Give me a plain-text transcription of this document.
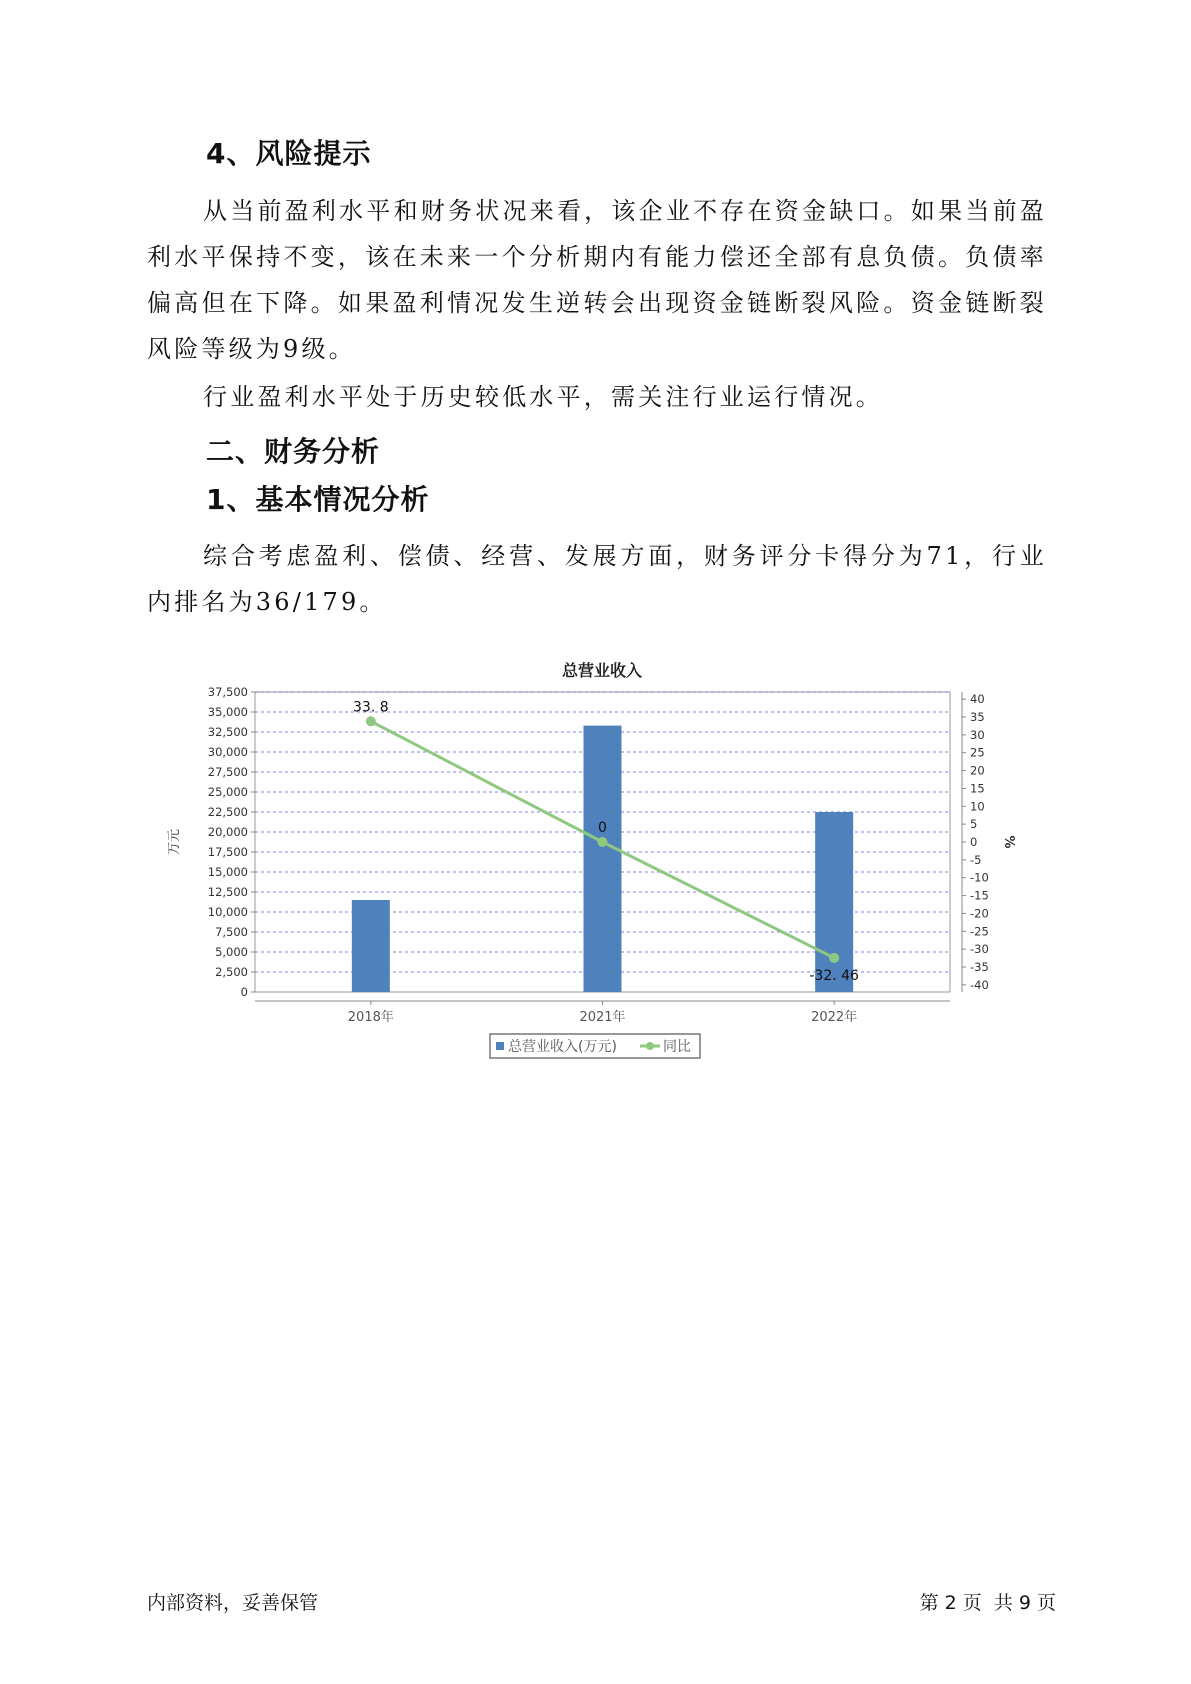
4、风险提示

从当前盈利水平和财务状况来看，该企业不存在资金缺口。如果当前盈利水平保持不变，该在未来一个分析期内有能力偿还全部有息负债。负债率偏高但在下降。如果盈利情况发生逆转会出现资金链断裂风险。资金链断裂风险等级为9级。

行业盈利水平处于历史较低水平，需关注行业运行情况。

二、财务分析
1、基本情况分析

综合考虑盈利、偿债、经营、发展方面，财务评分卡得分为71，行业内排名为36/179。

总营业收入
0
2,500
5,000
7,500
10,000
12,500
15,000
17,500
20,000
22,500
25,000
27,500
30,000
32,500
35,000
37,500
40
35
30
25
20
15
10
5
0
-5
-10
-15
-20
-25
-30
-35
-40
万元	%
2018年	2021年	2022年
33. 8
0
-32. 46
总营业收入(万元)	同比
内部资料，妥善保管	第 2 页  共 9 页
